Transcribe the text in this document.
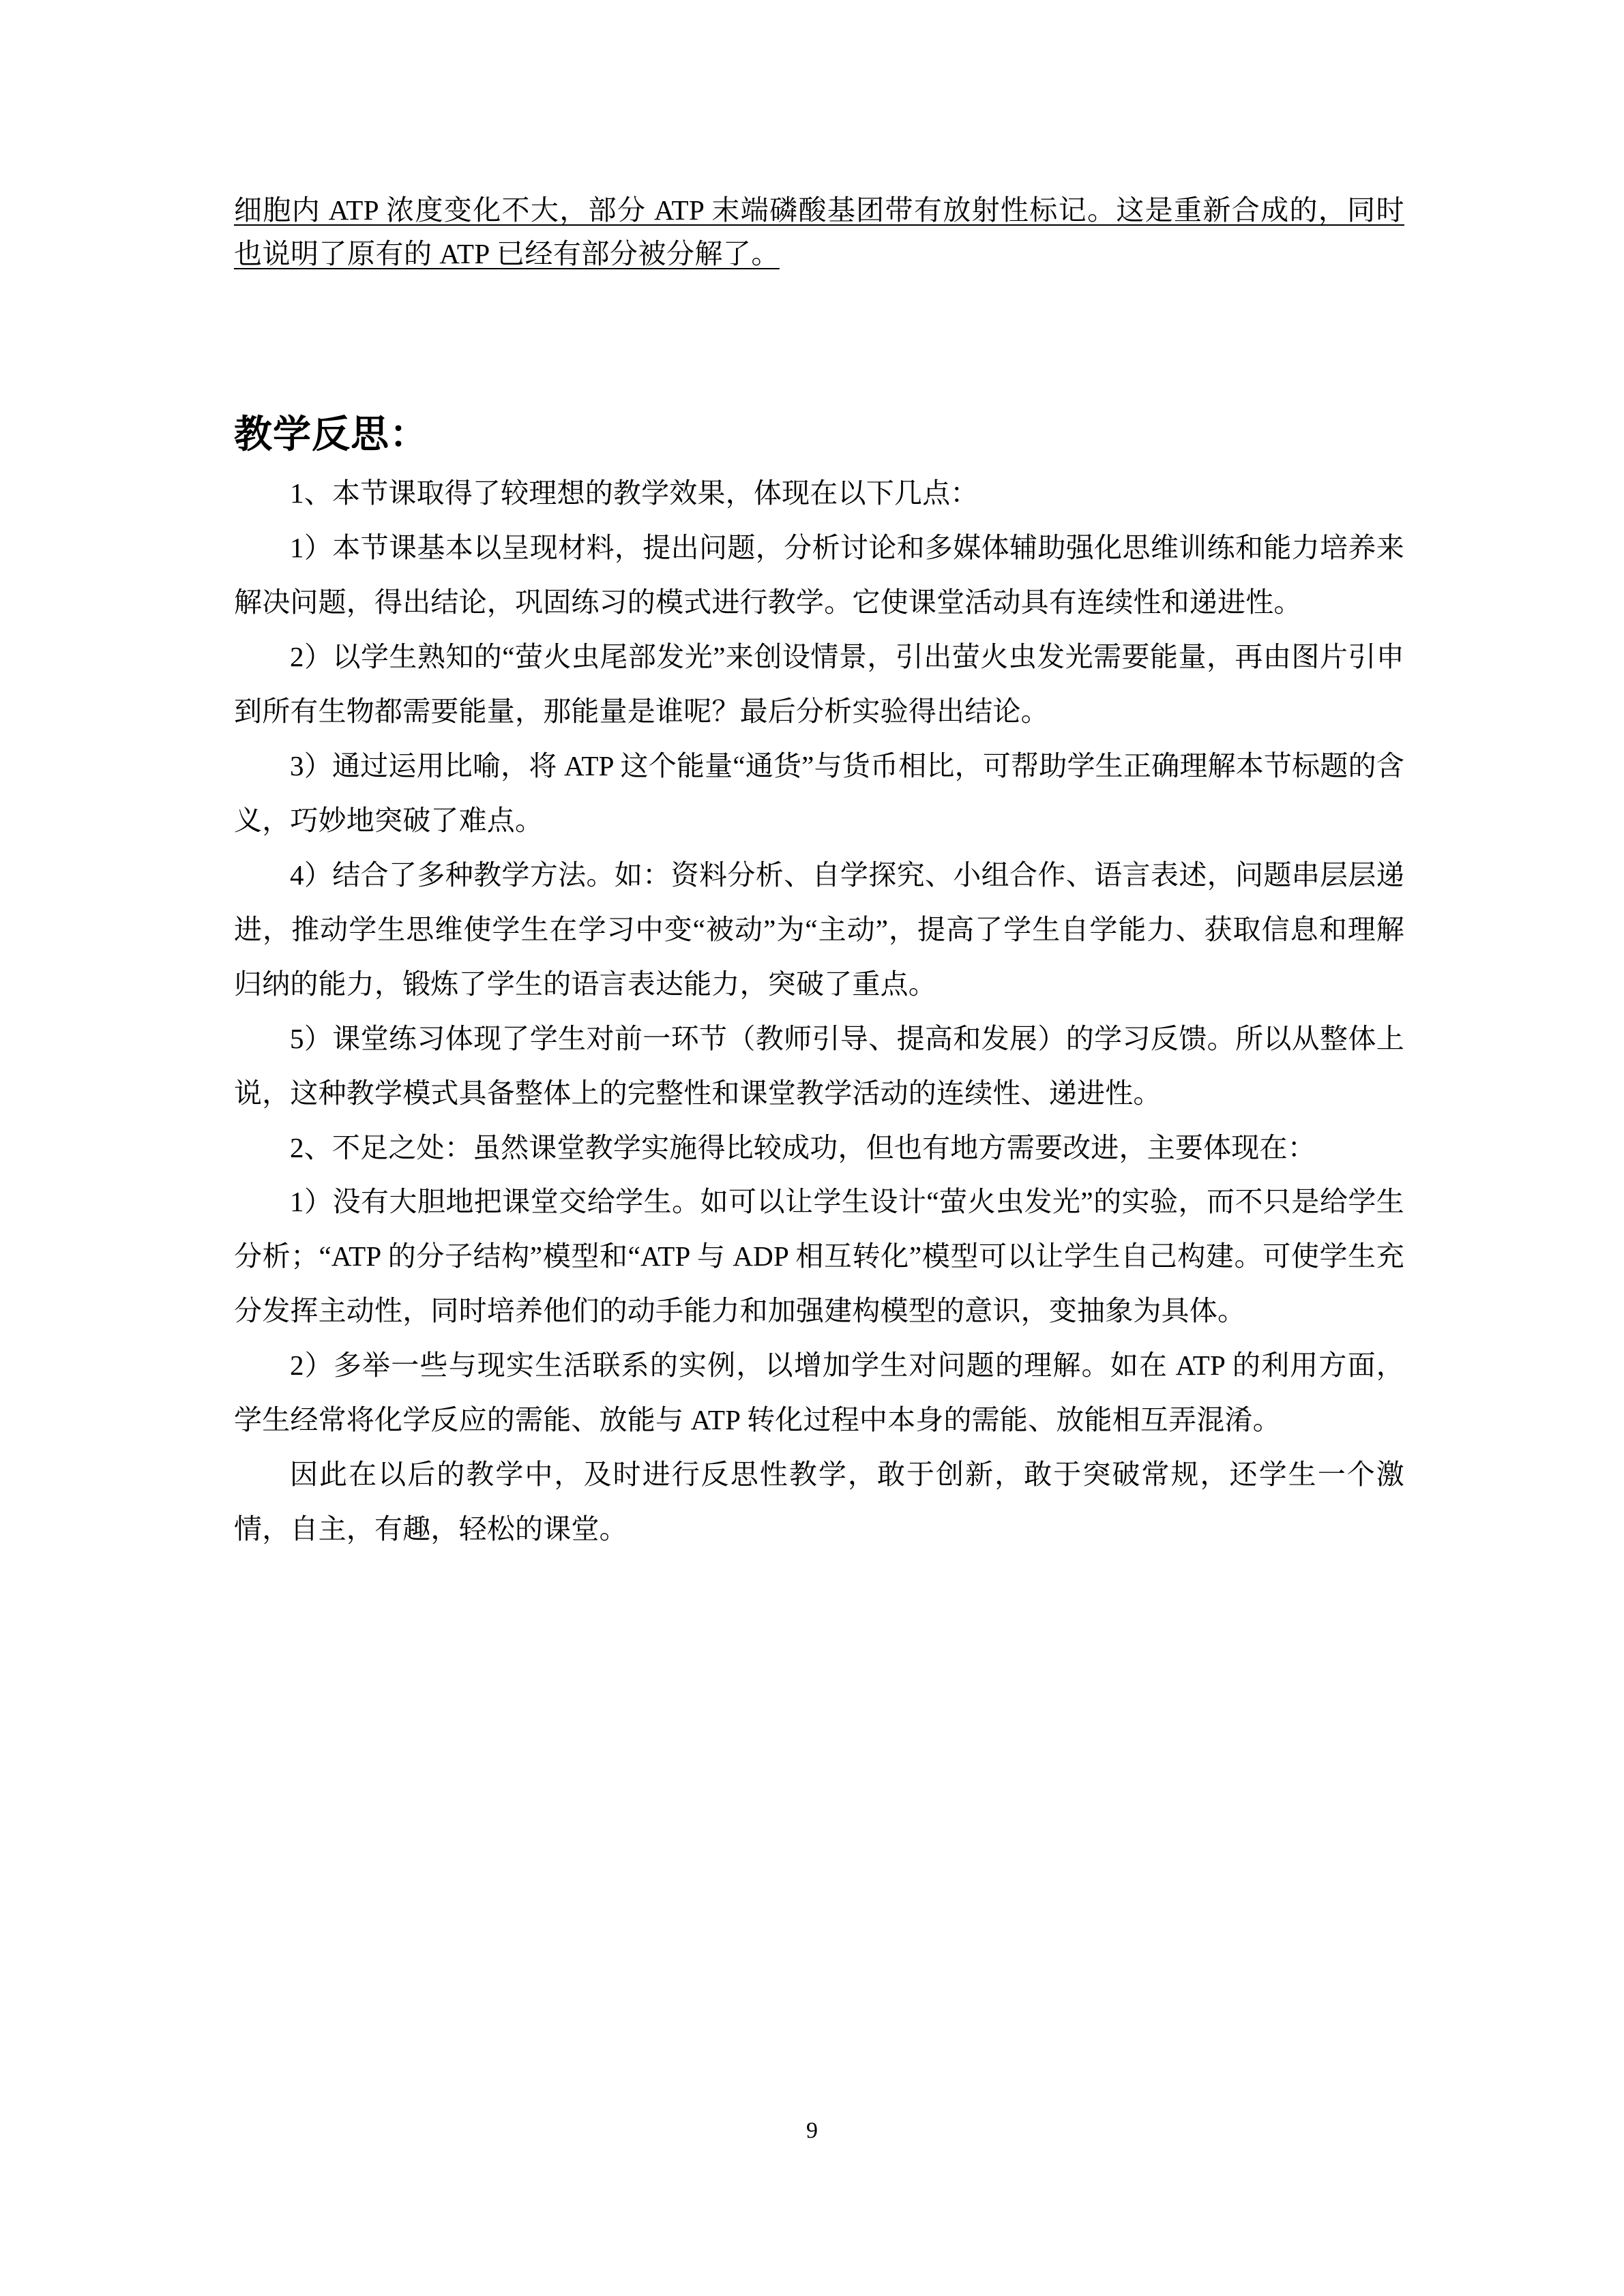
细胞内 ATP 浓度变化不大，部分 ATP 末端磷酸基团带有放射性标记。这是重新合成的，同时也说明了原有的 ATP 已经有部分被分解了。

教学反思：

1、本节课取得了较理想的教学效果，体现在以下几点：

1）本节课基本以呈现材料，提出问题，分析讨论和多媒体辅助强化思维训练和能力培养来解决问题，得出结论，巩固练习的模式进行教学。它使课堂活动具有连续性和递进性。

2）以学生熟知的“萤火虫尾部发光”来创设情景，引出萤火虫发光需要能量，再由图片引申到所有生物都需要能量，那能量是谁呢？最后分析实验得出结论。

3）通过运用比喻，将 ATP 这个能量“通货”与货币相比，可帮助学生正确理解本节标题的含义，巧妙地突破了难点。

4）结合了多种教学方法。如：资料分析、自学探究、小组合作、语言表述，问题串层层递进，推动学生思维使学生在学习中变“被动”为“主动”，提高了学生自学能力、获取信息和理解归纳的能力，锻炼了学生的语言表达能力，突破了重点。

5）课堂练习体现了学生对前一环节（教师引导、提高和发展）的学习反馈。所以从整体上说，这种教学模式具备整体上的完整性和课堂教学活动的连续性、递进性。

2、不足之处：虽然课堂教学实施得比较成功，但也有地方需要改进，主要体现在：

1）没有大胆地把课堂交给学生。如可以让学生设计“萤火虫发光”的实验，而不只是给学生分析；“ATP 的分子结构”模型和“ATP 与 ADP 相互转化”模型可以让学生自己构建。可使学生充分发挥主动性，同时培养他们的动手能力和加强建构模型的意识，变抽象为具体。

2）多举一些与现实生活联系的实例，以增加学生对问题的理解。如在 ATP 的利用方面，学生经常将化学反应的需能、放能与 ATP 转化过程中本身的需能、放能相互弄混淆。

因此在以后的教学中，及时进行反思性教学，敢于创新，敢于突破常规，还学生一个激情，自主，有趣，轻松的课堂。

9
